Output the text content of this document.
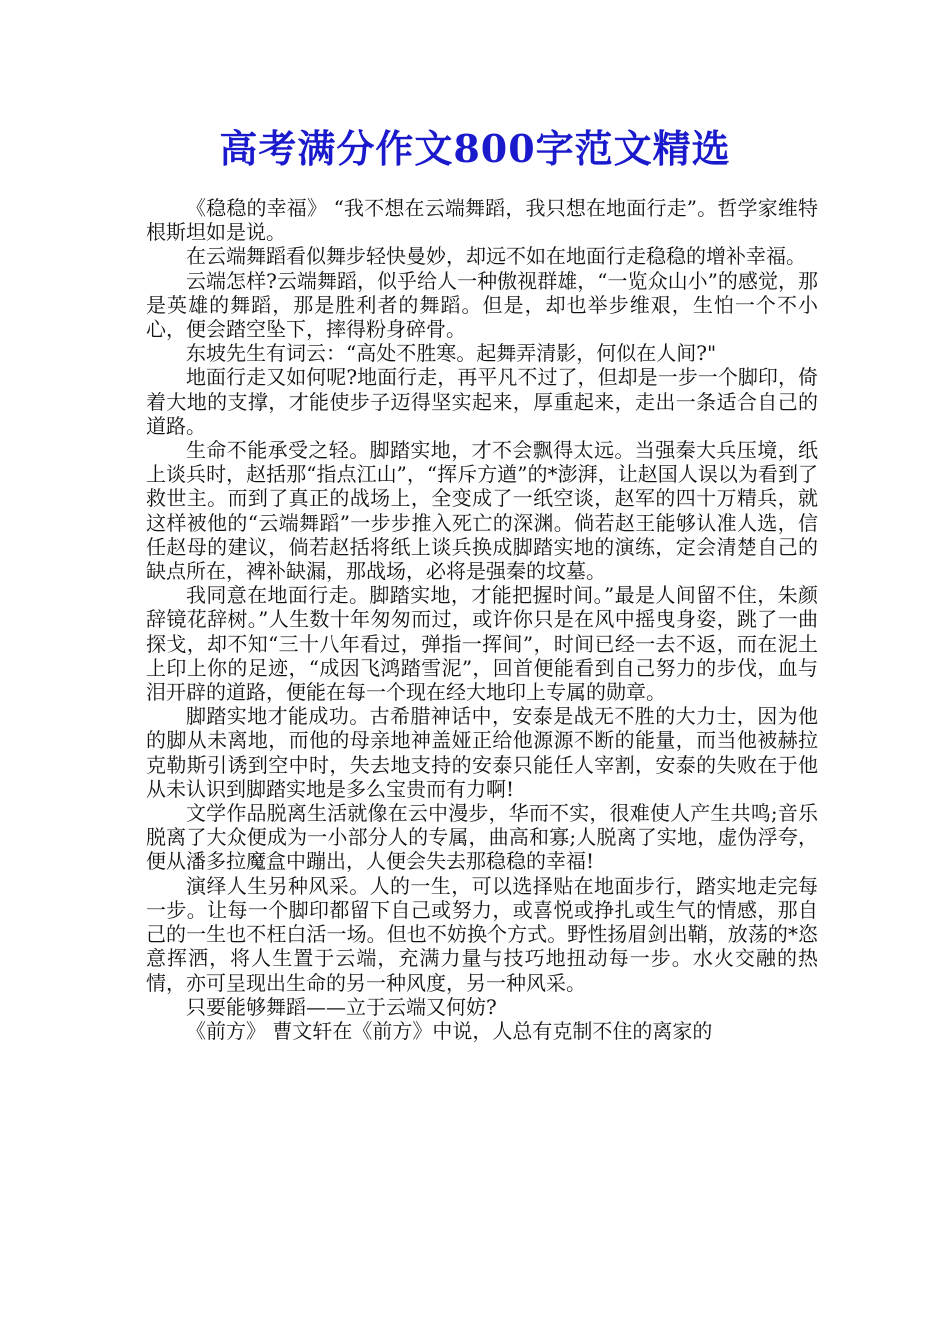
高考满分作文800字范文精选

《稳稳的幸福》 “我不想在云端舞蹈，我只想在地面行走”。哲学家维特根斯坦如是说。

在云端舞蹈看似舞步轻快曼妙，却远不如在地面行走稳稳的增补幸福。

云端怎样?云端舞蹈，似乎给人一种傲视群雄，“一览众山小”的感觉，那是英雄的舞蹈，那是胜利者的舞蹈。但是，却也举步维艰，生怕一个不小心，便会踏空坠下，摔得粉身碎骨。

东坡先生有词云：“高处不胜寒。起舞弄清影，何似在人间?"

地面行走又如何呢?地面行走，再平凡不过了，但却是一步一个脚印，倚着大地的支撑，才能使步子迈得坚实起来，厚重起来，走出一条适合自己的道路。

生命不能承受之轻。脚踏实地，才不会飘得太远。当强秦大兵压境，纸上谈兵时，赵括那“指点江山”，“挥斥方遒”的*澎湃，让赵国人误以为看到了救世主。而到了真正的战场上，全变成了一纸空谈，赵军的四十万精兵，就这样被他的“云端舞蹈”一步步推入死亡的深渊。倘若赵王能够认准人选，信任赵母的建议，倘若赵括将纸上谈兵换成脚踏实地的演练，定会清楚自己的缺点所在，裨补缺漏，那战场，必将是强秦的坟墓。

我同意在地面行走。脚踏实地，才能把握时间。”最是人间留不住，朱颜辞镜花辞树。”人生数十年匆匆而过，或许你只是在风中摇曳身姿，跳了一曲探戈，却不知“三十八年看过，弹指一挥间”，时间已经一去不返，而在泥土上印上你的足迹，“成因飞鸿踏雪泥”，回首便能看到自己努力的步伐，血与泪开辟的道路，便能在每一个现在经大地印上专属的勋章。

脚踏实地才能成功。古希腊神话中，安泰是战无不胜的大力士，因为他的脚从未离地，而他的母亲地神盖娅正给他源源不断的能量，而当他被赫拉克勒斯引诱到空中时，失去地支持的安泰只能任人宰割，安泰的失败在于他从未认识到脚踏实地是多么宝贵而有力啊!

文学作品脱离生活就像在云中漫步，华而不实，很难使人产生共鸣;音乐脱离了大众便成为一小部分人的专属，曲高和寡;人脱离了实地，虚伪浮夸，便从潘多拉魔盒中蹦出，人便会失去那稳稳的幸福!

演绎人生另种风采。人的一生，可以选择贴在地面步行，踏实地走完每一步。让每一个脚印都留下自己或努力，或喜悦或挣扎或生气的情感，那自己的一生也不枉白活一场。但也不妨换个方式。野性扬眉剑出鞘，放荡的*恣意挥洒，将人生置于云端，充满力量与技巧地扭动每一步。水火交融的热情，亦可呈现出生命的另一种风度，另一种风采。

只要能够舞蹈——立于云端又何妨?

《前方》 曹文轩在《前方》中说，人总有克制不住的离家的
